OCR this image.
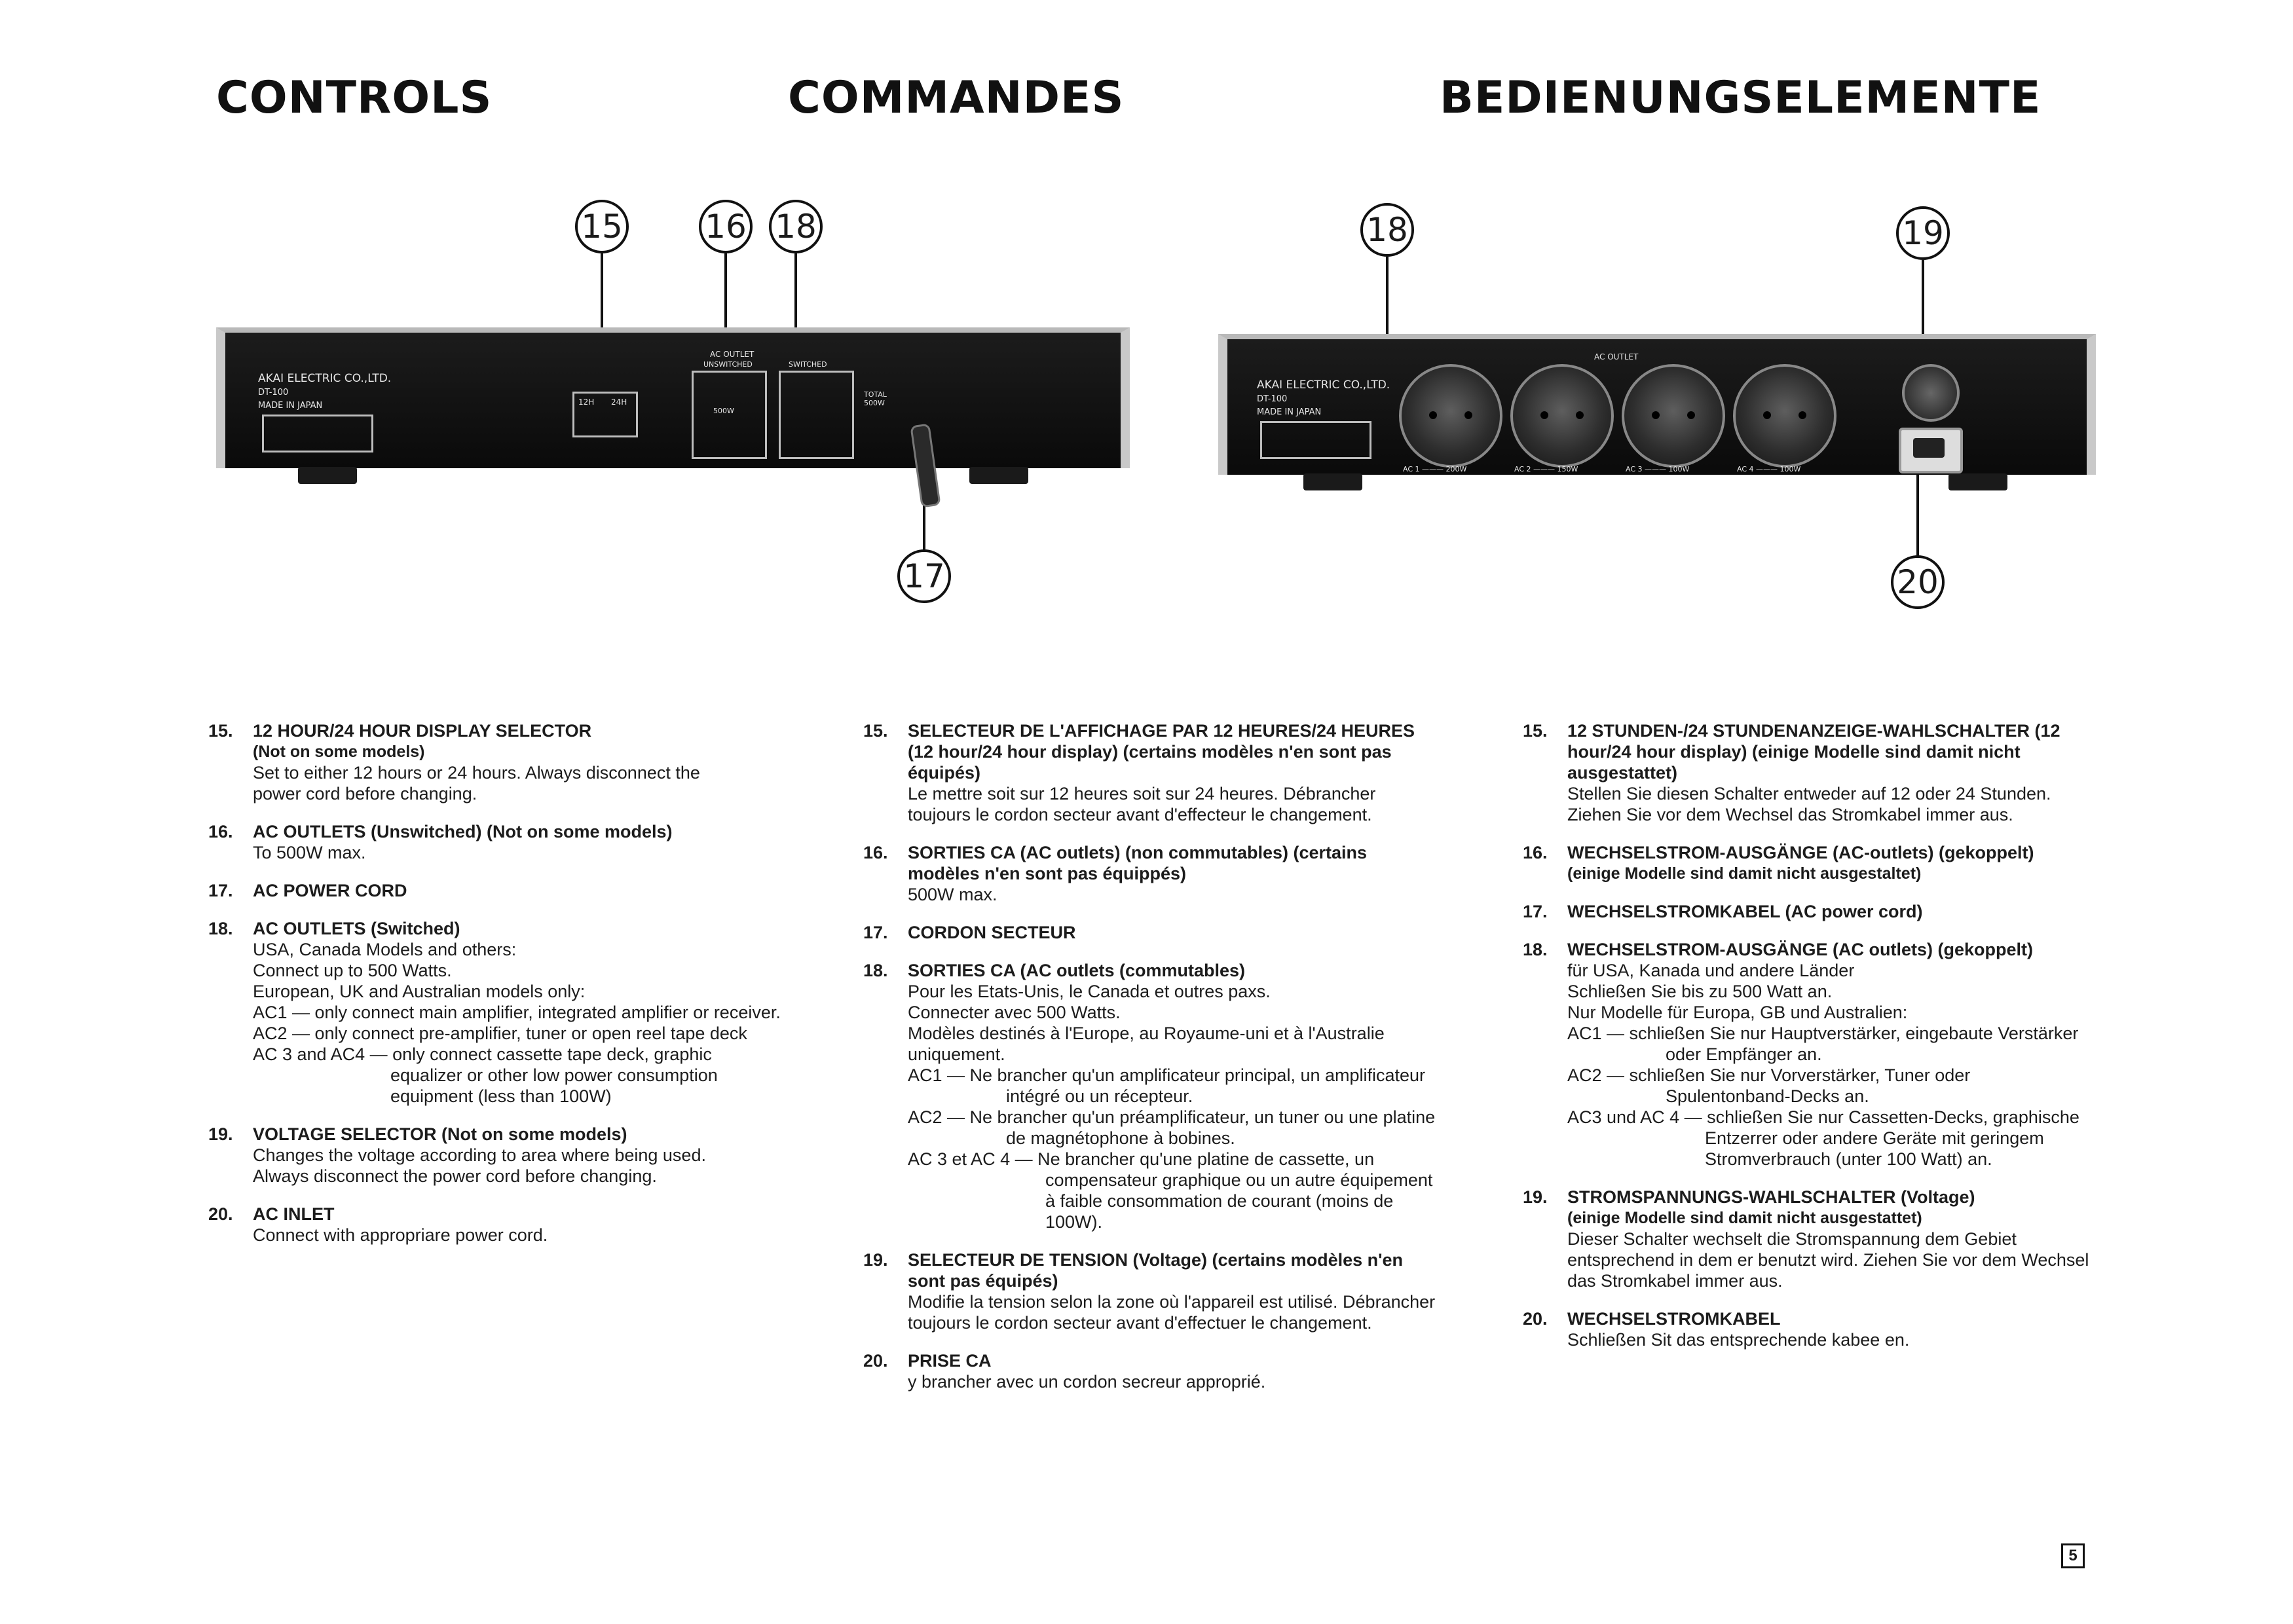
CONTROLS	COMMANDES	BEDIENUNGSELEMENTE
15	16 18
17
18	19
20
AKAI ELECTRIC CO.,LTD.
DT-100
MADE IN JAPAN	12H 24H
AC OUTLET
UNSWITCHED	SWITCHED
500W
TOTAL 500W
AKAI ELECTRIC CO.,LTD.
DT-100
MADE IN JAPAN
AC OUTLET
AC 1 ——— 200W	AC 2 ——— 150W	AC 3 ——— 100W	AC 4 ——— 100W
15. 12 HOUR/24 HOUR DISPLAY SELECTOR
(Not on some models)
Set to either 12 hours or 24 hours. Always disconnect the
power cord before changing.
16. AC OUTLETS (Unswitched) (Not on some models)
To 500W max.
17. AC POWER CORD
18. AC OUTLETS (Switched)
USA, Canada Models and others:
Connect up to 500 Watts.
European, UK and Australian models only:
AC1 — only connect main amplifier, integrated amplifier or receiver.
AC2 — only connect pre-amplifier, tuner or open reel tape deck
AC 3 and AC4 — only connect cassette tape deck, graphic equalizer or other low power consumption equipment (less than 100W)
19. VOLTAGE SELECTOR (Not on some models)
Changes the voltage according to area where being used.
Always disconnect the power cord before changing.
20. AC INLET
Connect with appropriare power cord.
15. SELECTEUR DE L'AFFICHAGE PAR 12 HEURES/24 HEURES (12 hour/24 hour display) (certains modèles n'en sont pas équipés)
Le mettre soit sur 12 heures soit sur 24 heures. Débrancher toujours le cordon secteur avant d'effecteur le changement.
16. SORTIES CA (AC outlets) (non commutables) (certains modèles n'en sont pas équippés)
500W max.
17. CORDON SECTEUR
18. SORTIES CA (AC outlets (commutables)
Pour les Etats-Unis, le Canada et outres paxs.
Connecter avec 500 Watts.
Modèles destinés à l'Europe, au Royaume-uni et à l'Australie uniquement.
AC1 — Ne brancher qu'un amplificateur principal, un amplificateur intégré ou un récepteur.
AC2 — Ne brancher qu'un préamplificateur, un tuner ou une platine de magnétophone à bobines.
AC 3 et AC 4 — Ne brancher qu'une platine de cassette, un compensateur graphique ou un autre équipement à faible consommation de courant (moins de 100W).
19. SELECTEUR DE TENSION (Voltage) (certains modèles n'en sont pas équipés)
Modifie la tension selon la zone où l'appareil est utilisé. Débrancher toujours le cordon secteur avant d'effectuer le changement.
20. PRISE CA
y brancher avec un cordon secreur approprié.
15. 12 STUNDEN-/24 STUNDENANZEIGE-WAHLSCHALTER (12 hour/24 hour display) (einige Modelle sind damit nicht ausgestattet)
Stellen Sie diesen Schalter entweder auf 12 oder 24 Stunden. Ziehen Sie vor dem Wechsel das Stromkabel immer aus.
16. WECHSELSTROM-AUSGÄNGE (AC-outlets) (gekoppelt)
(einige Modelle sind damit nicht ausgestaltet)
17. WECHSELSTROMKABEL (AC power cord)
18. WECHSELSTROM-AUSGÄNGE (AC outlets) (gekoppelt)
für USA, Kanada und andere Länder
Schließen Sie bis zu 500 Watt an.
Nur Modelle für Europa, GB und Australien:
AC1 — schließen Sie nur Hauptverstärker, eingebaute Verstärker oder Empfänger an.
AC2 — schließen Sie nur Vorverstärker, Tuner oder Spulentonband-Decks an.
AC3 und AC 4 — schließen Sie nur Cassetten-Decks, graphische Entzerrer oder andere Geräte mit geringem Stromverbrauch (unter 100 Watt) an.
19. STROMSPANNUNGS-WAHLSCHALTER (Voltage)
(einige Modelle sind damit nicht ausgestattet)
Dieser Schalter wechselt die Stromspannung dem Gebiet entsprechend in dem er benutzt wird. Ziehen Sie vor dem Wechsel das Stromkabel immer aus.
20. WECHSELSTROMKABEL
Schließen Sit das entsprechende kabee en.
5
